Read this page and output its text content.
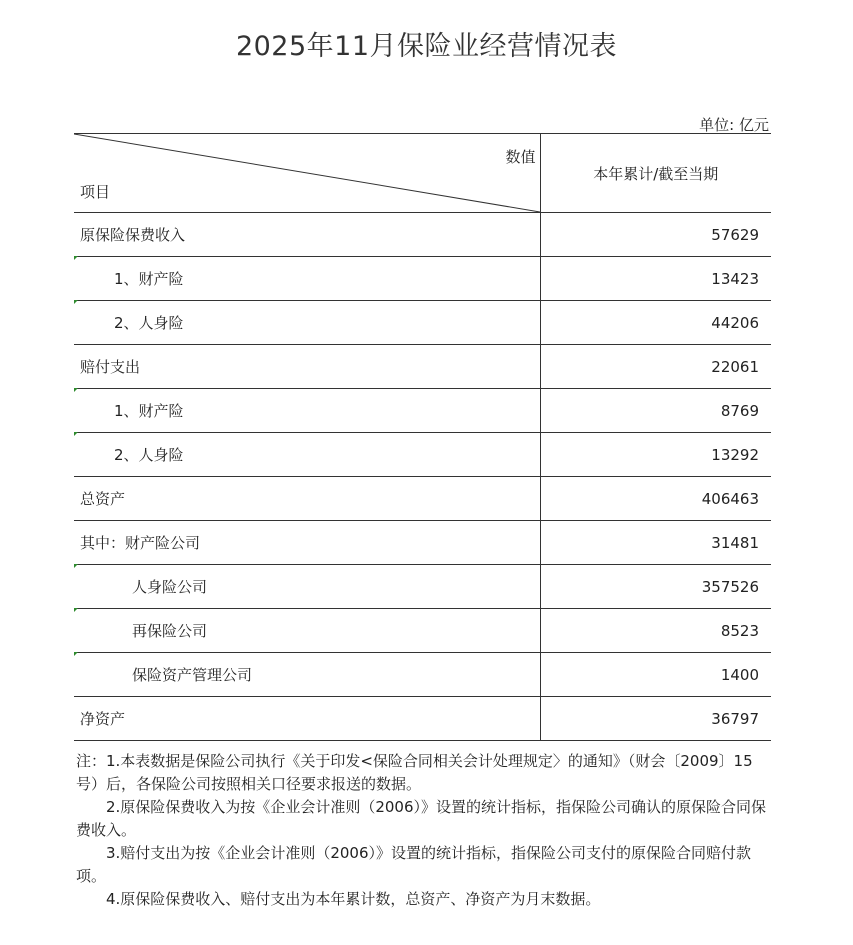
2025年11月保险业经营情况表
单位: 亿元
数值
项目	本年累计/截至当期
原保险保费收入	57629

1、财产险	13423

2、人身险	44206
赔付支出	22061

1、财产险	8769

2、人身险	13292
总资产	406463
其中：财产险公司	31481

人身险公司	357526

再保险公司	8523

保险资产管理公司	1400
净资产	36797

注：1.本表数据是保险公司执行《关于印发<保险合同相关会计处理规定〉的通知》（财会〔2009〕15号）后，各保险公司按照相关口径要求报送的数据。

2.原保险保费收入为按《企业会计准则（2006）》设置的统计指标，指保险公司确认的原保险合同保费收入。

3.赔付支出为按《企业会计准则（2006）》设置的统计指标，指保险公司支付的原保险合同赔付款项。

4.原保险保费收入、赔付支出为本年累计数，总资产、净资产为月末数据。
